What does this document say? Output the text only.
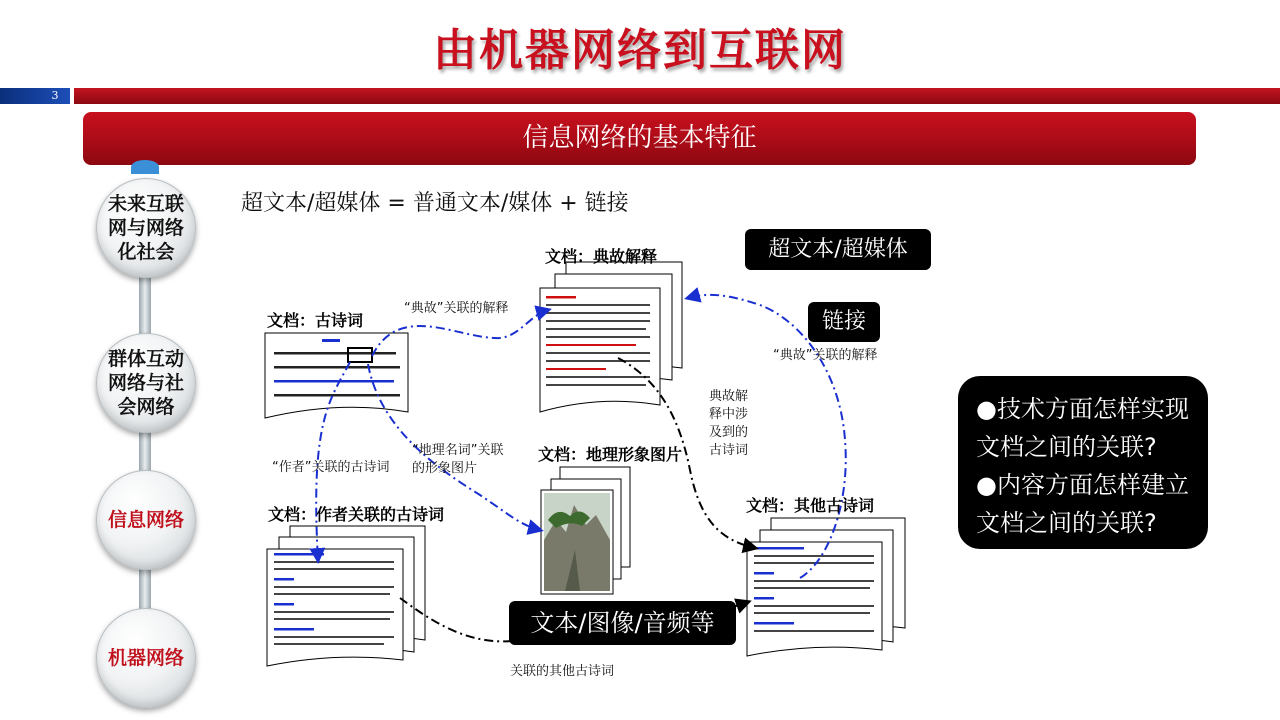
由机器网络到互联网
3
信息网络的基本特征
未来互联网与网络化社会
群体互动网络与社会网络
信息网络
机器网络
超文本/超媒体 = 普通文本/媒体 + 链接
文档：古诗词
文档：典故解释
文档：地理形象图片
文档：作者关联的古诗词	文档：其他古诗词
“典故”关联的解释
“典故”关联的解释
“地理名词”关联的形象图片
“作者”关联的古诗词
典故解释中涉及到的古诗词
关联的其他古诗词
超文本/超媒体
链接
文本/图像/音频等
●技术方面怎样实现
文档之间的关联?
●内容方面怎样建立
文档之间的关联?
